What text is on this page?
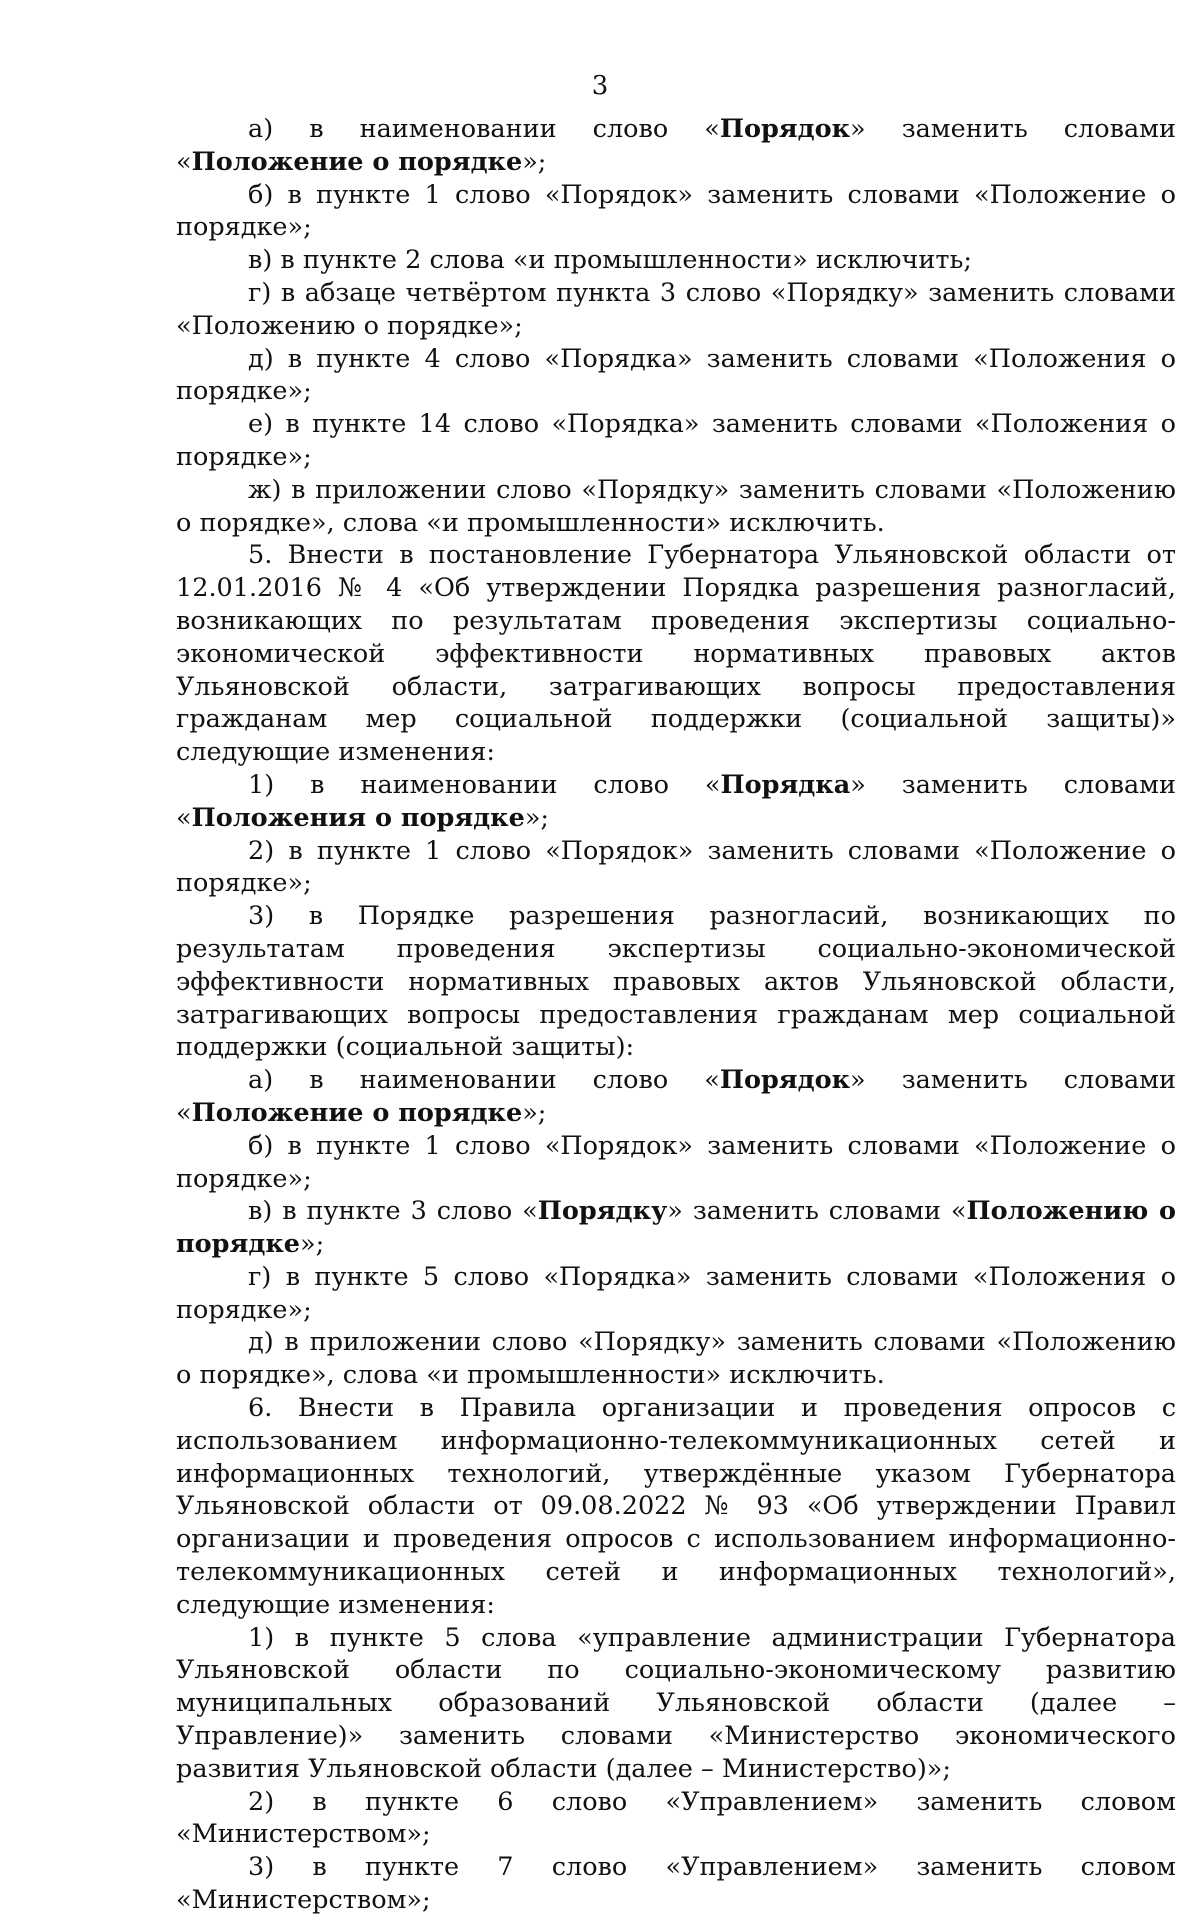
3

а) в наименовании слово «Порядок» заменить словами «Положение о порядке»;

б) в пункте 1 слово «Порядок» заменить словами «Положение о порядке»;

в) в пункте 2 слова «и промышленности» исключить;

г) в абзаце четвёртом пункта 3 слово «Порядку» заменить словами «Положению о порядке»;

д) в пункте 4 слово «Порядка» заменить словами «Положения о порядке»;

е) в пункте 14 слово «Порядка» заменить словами «Положения о порядке»;

ж) в приложении слово «Порядку» заменить словами «Положению о порядке», слова «и промышленности» исключить.

5. Внести в постановление Губернатора Ульяновской области от 12.01.2016 № 4 «Об утверждении Порядка разрешения разногласий, возникающих по результатам проведения экспертизы социально-экономической эффективности нормативных правовых актов Ульяновской области, затрагивающих вопросы предоставления гражданам мер социальной поддержки (социальной защиты)» следующие изменения:

1) в наименовании слово «Порядка» заменить словами «Положения о порядке»;

2) в пункте 1 слово «Порядок» заменить словами «Положение о порядке»;

3) в Порядке разрешения разногласий, возникающих по результатам проведения экспертизы социально-экономической эффективности нормативных правовых актов Ульяновской области, затрагивающих вопросы предоставления гражданам мер социальной поддержки (социальной защиты):

а) в наименовании слово «Порядок» заменить словами «Положение о порядке»;

б) в пункте 1 слово «Порядок» заменить словами «Положение о порядке»;

в) в пункте 3 слово «Порядку» заменить словами «Положению о порядке»;

г) в пункте 5 слово «Порядка» заменить словами «Положения о порядке»;

д) в приложении слово «Порядку» заменить словами «Положению о порядке», слова «и промышленности» исключить.

6. Внести в Правила организации и проведения опросов с использованием информационно-телекоммуникационных сетей и информационных технологий, утверждённые указом Губернатора Ульяновской области от 09.08.2022 № 93 «Об утверждении Правил организации и проведения опросов с использованием информационно-телекоммуникационных сетей и информационных технологий», следующие изменения:

1) в пункте 5 слова «управление администрации Губернатора Ульяновской области по социально-экономическому развитию муниципальных образований Ульяновской области (далее – Управление)» заменить словами «Министерство экономического развития Ульяновской области (далее – Министерство)»;

2) в пункте 6 слово «Управлением» заменить словом «Министерством»;

3) в пункте 7 слово «Управлением» заменить словом «Министерством»;
